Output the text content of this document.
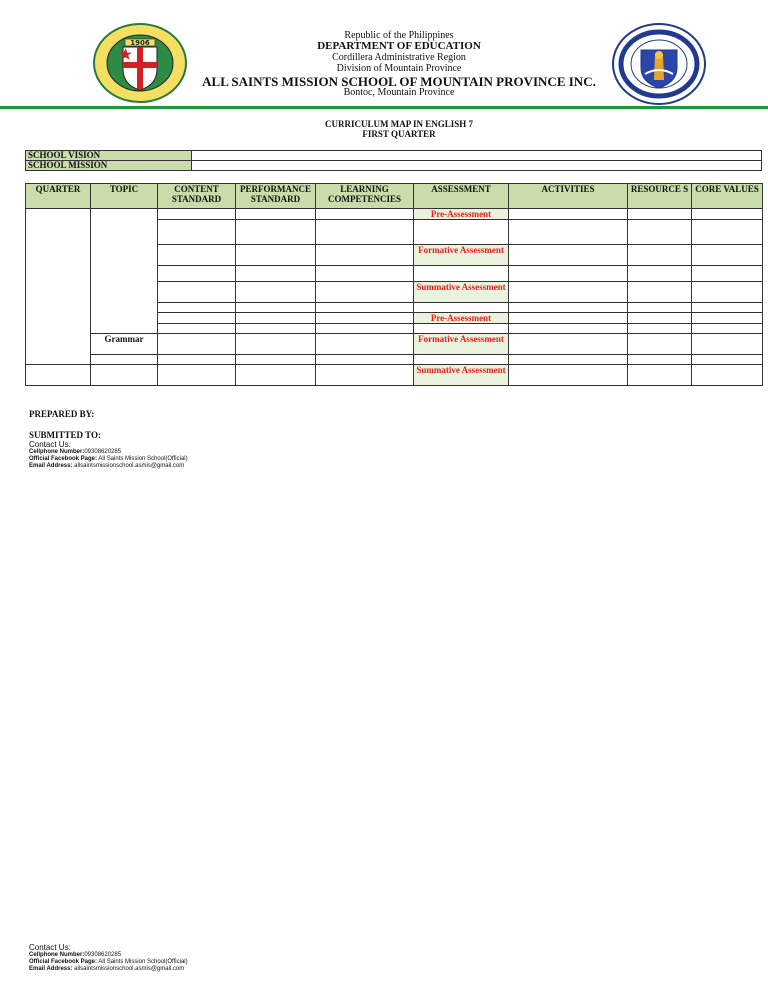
1906
Republic of the Philippines
DEPARTMENT OF EDUCATION
Cordillera Administrative Region
Division of Mountain Province
ALL SAINTS MISSION SCHOOL OF MOUNTAIN PROVINCE INC.
Bontoc, Mountain Province
CURRICULUM MAP IN ENGLISH 7
FIRST QUARTER
SCHOOL VISION	
SCHOOL MISSION	
QUARTER	TOPIC	CONTENT STANDARD	PERFORMANCE STANDARD	LEARNING COMPETENCIES	ASSESSMENT	ACTIVITIES	RESOURCE S	CORE VALUES
					Pre-Assessment			

					Formative Assessment			

					Summative Assessment			

					Pre-Assessment			

	Grammar				Formative Assessment			

					Summative Assessment			
PREPARED BY:
SUBMITTED TO:
Contact Us:
Cellphone Number:09308620285
Official Facebook Page: All Saints Mission School(Official)
Email Address: allsaintsmissionschool.asmis@gmail.com
Contact Us:
Cellphone Number:09308620285
Official Facebook Page: All Saints Mission School(Official)
Email Address: allsaintsmissionschool.asmis@gmail.com
